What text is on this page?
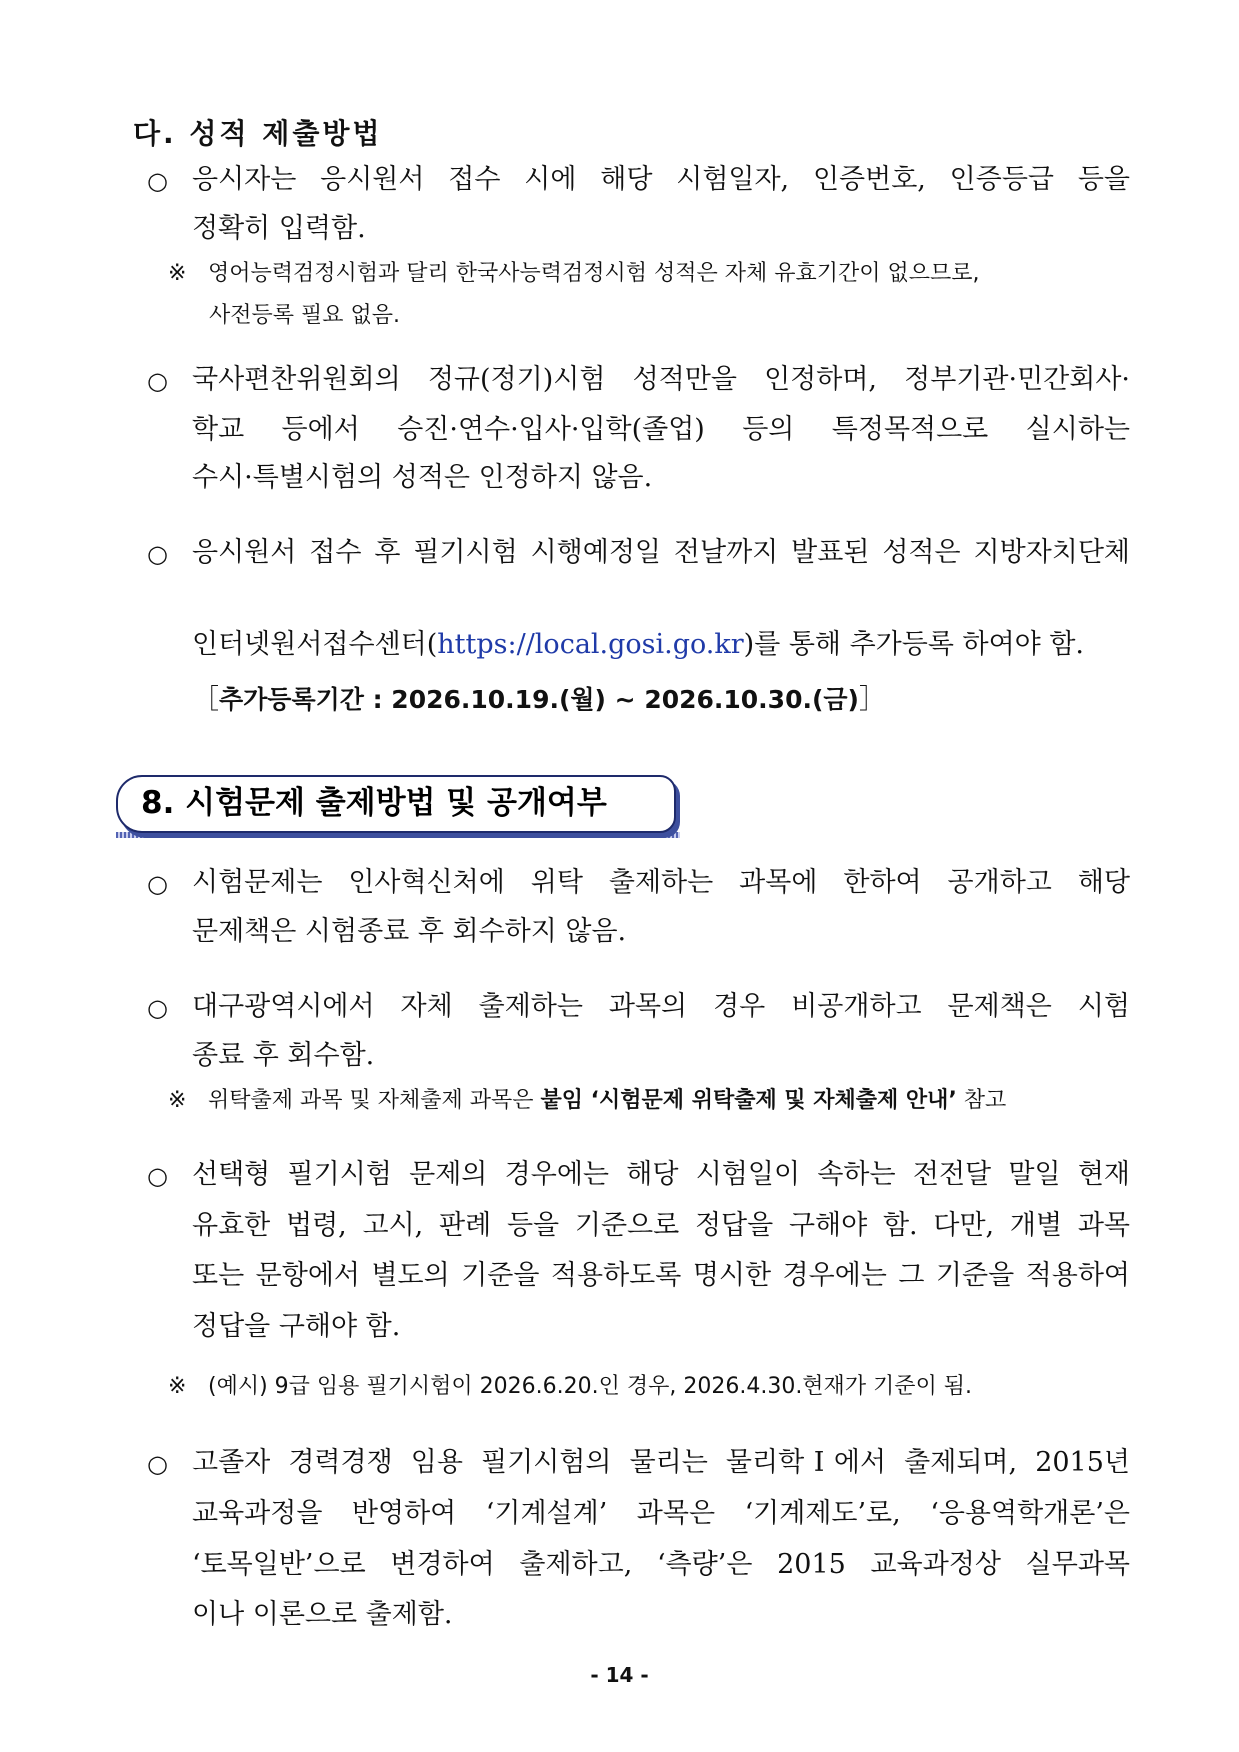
다. 성적 제출방법
○ 응시자는 응시원서 접수 시에 해당 시험일자, 인증번호, 인증등급 등을
정확히 입력함.
※ 영어능력검정시험과 달리 한국사능력검정시험 성적은 자체 유효기간이 없으므로,
사전등록 필요 없음.
○ 국사편찬위원회의 정규(정기)시험 성적만을 인정하며, 정부기관·민간회사·
학교 등에서 승진·연수·입사·입학(졸업) 등의 특정목적으로 실시하는
수시·특별시험의 성적은 인정하지 않음.
○ 응시원서 접수 후 필기시험 시행예정일 전날까지 발표된 성적은 지방자치단체
인터넷원서접수센터(https://local.gosi.go.kr)를 통해 추가등록 하여야 함.
［추가등록기간 : 2026.10.19.(월) ~ 2026.10.30.(금)］
8. 시험문제 출제방법 및 공개여부
○ 시험문제는 인사혁신처에 위탁 출제하는 과목에 한하여 공개하고 해당
문제책은 시험종료 후 회수하지 않음.
○ 대구광역시에서 자체 출제하는 과목의 경우 비공개하고 문제책은 시험
종료 후 회수함.
※ 위탁출제 과목 및 자체출제 과목은 붙임 ‘시험문제 위탁출제 및 자체출제 안내’ 참고
○ 선택형 필기시험 문제의 경우에는 해당 시험일이 속하는 전전달 말일 현재
유효한 법령, 고시, 판례 등을 기준으로 정답을 구해야 함. 다만, 개별 과목
또는 문항에서 별도의 기준을 적용하도록 명시한 경우에는 그 기준을 적용하여
정답을 구해야 함.
※ (예시) 9급 임용 필기시험이 2026.6.20.인 경우, 2026.4.30.현재가 기준이 됨.
○ 고졸자 경력경쟁 임용 필기시험의 물리는 물리학Ⅰ에서 출제되며, 2015년
교육과정을 반영하여 ‘기계설계’ 과목은 ‘기계제도’로, ‘응용역학개론’은
‘토목일반’으로 변경하여 출제하고, ‘측량’은 2015 교육과정상 실무과목
이나 이론으로 출제함.
- 14 -
